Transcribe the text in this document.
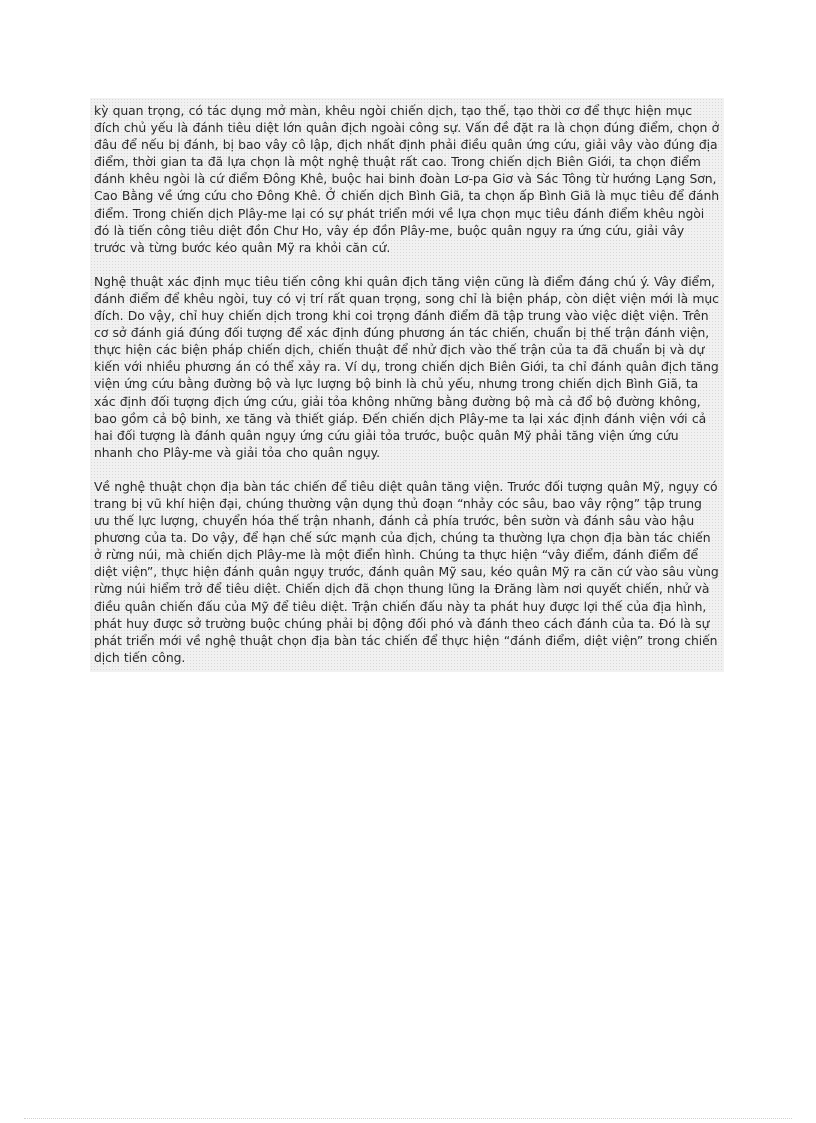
kỳ quan trọng, có tác dụng mở màn, khêu ngòi chiến dịch, tạo thế, tạo thời cơ để thực hiện mục đích chủ yếu là đánh tiêu diệt lớn quân địch ngoài công sự. Vấn đề đặt ra là chọn đúng điểm, chọn ở đâu để nếu bị đánh, bị bao vây cô lập, địch nhất định phải điều quân ứng cứu, giải vây vào đúng địa điểm, thời gian ta đã lựa chọn là một nghệ thuật rất cao. Trong chiến dịch Biên Giới, ta chọn điểm đánh khêu ngòi là cứ điểm Đông Khê, buộc hai binh đoàn Lơ-pa Giơ và Sác Tông từ hướng Lạng Sơn, Cao Bằng về ứng cứu cho Đông Khê. Ở chiến dịch Bình Giã, ta chọn ấp Bình Giã là mục tiêu để đánh điểm. Trong chiến dịch Plây-me lại có sự phát triển mới về lựa chọn mục tiêu đánh điểm khêu ngòi đó là tiến công tiêu diệt đồn Chư Ho, vây ép đồn Plây-me, buộc quân ngụy ra ứng cứu, giải vây trước và từng bước kéo quân Mỹ ra khỏi căn cứ.

Nghệ thuật xác định mục tiêu tiến công khi quân địch tăng viện cũng là điểm đáng chú ý. Vây điểm, đánh điểm để khêu ngòi, tuy có vị trí rất quan trọng, song chỉ là biện pháp, còn diệt viện mới là mục đích. Do vậy, chỉ huy chiến dịch trong khi coi trọng đánh điểm đã tập trung vào việc diệt viện. Trên cơ sở đánh giá đúng đối tượng để xác định đúng phương án tác chiến, chuẩn bị thế trận đánh viện, thực hiện các biện pháp chiến dịch, chiến thuật để nhử địch vào thế trận của ta đã chuẩn bị và dự kiến với nhiều phương án có thể xảy ra. Ví dụ, trong chiến dịch Biên Giới, ta chỉ đánh quân địch tăng viện ứng cứu bằng đường bộ và lực lượng bộ binh là chủ yếu, nhưng trong chiến dịch Bình Giã, ta xác định đối tượng địch ứng cứu, giải tỏa không những bằng đường bộ mà cả đổ bộ đường không, bao gồm cả bộ binh, xe tăng và thiết giáp. Đến chiến dịch Plây-me ta lại xác định đánh viện với cả hai đối tượng là đánh quân ngụy ứng cứu giải tỏa trước, buộc quân Mỹ phải tăng viện ứng cứu nhanh cho Plây-me và giải tỏa cho quân ngụy.

Về nghệ thuật chọn địa bàn tác chiến để tiêu diệt quân tăng viện. Trước đối tượng quân Mỹ, ngụy có trang bị vũ khí hiện đại, chúng thường vận dụng thủ đoạn “nhảy cóc sâu, bao vây rộng” tập trung ưu thế lực lượng, chuyển hóa thế trận nhanh, đánh cả phía trước, bên sườn và đánh sâu vào hậu phương của ta. Do vậy, để hạn chế sức mạnh của địch, chúng ta thường lựa chọn địa bàn tác chiến ở rừng núi, mà chiến dịch Plây-me là một điển hình. Chúng ta thực hiện “vây điểm, đánh điểm để diệt viện”, thực hiện đánh quân ngụy trước, đánh quân Mỹ sau, kéo quân Mỹ ra căn cứ vào sâu vùng rừng núi hiểm trở để tiêu diệt. Chiến dịch đã chọn thung lũng Ia Đrăng làm nơi quyết chiến, nhử và điều quân chiến đấu của Mỹ để tiêu diệt. Trận chiến đấu này ta phát huy được lợi thế của địa hình, phát huy được sở trường buộc chúng phải bị động đối phó và đánh theo cách đánh của ta. Đó là sự phát triển mới về nghệ thuật chọn địa bàn tác chiến để thực hiện “đánh điểm, diệt viện” trong chiến dịch tiến công.
